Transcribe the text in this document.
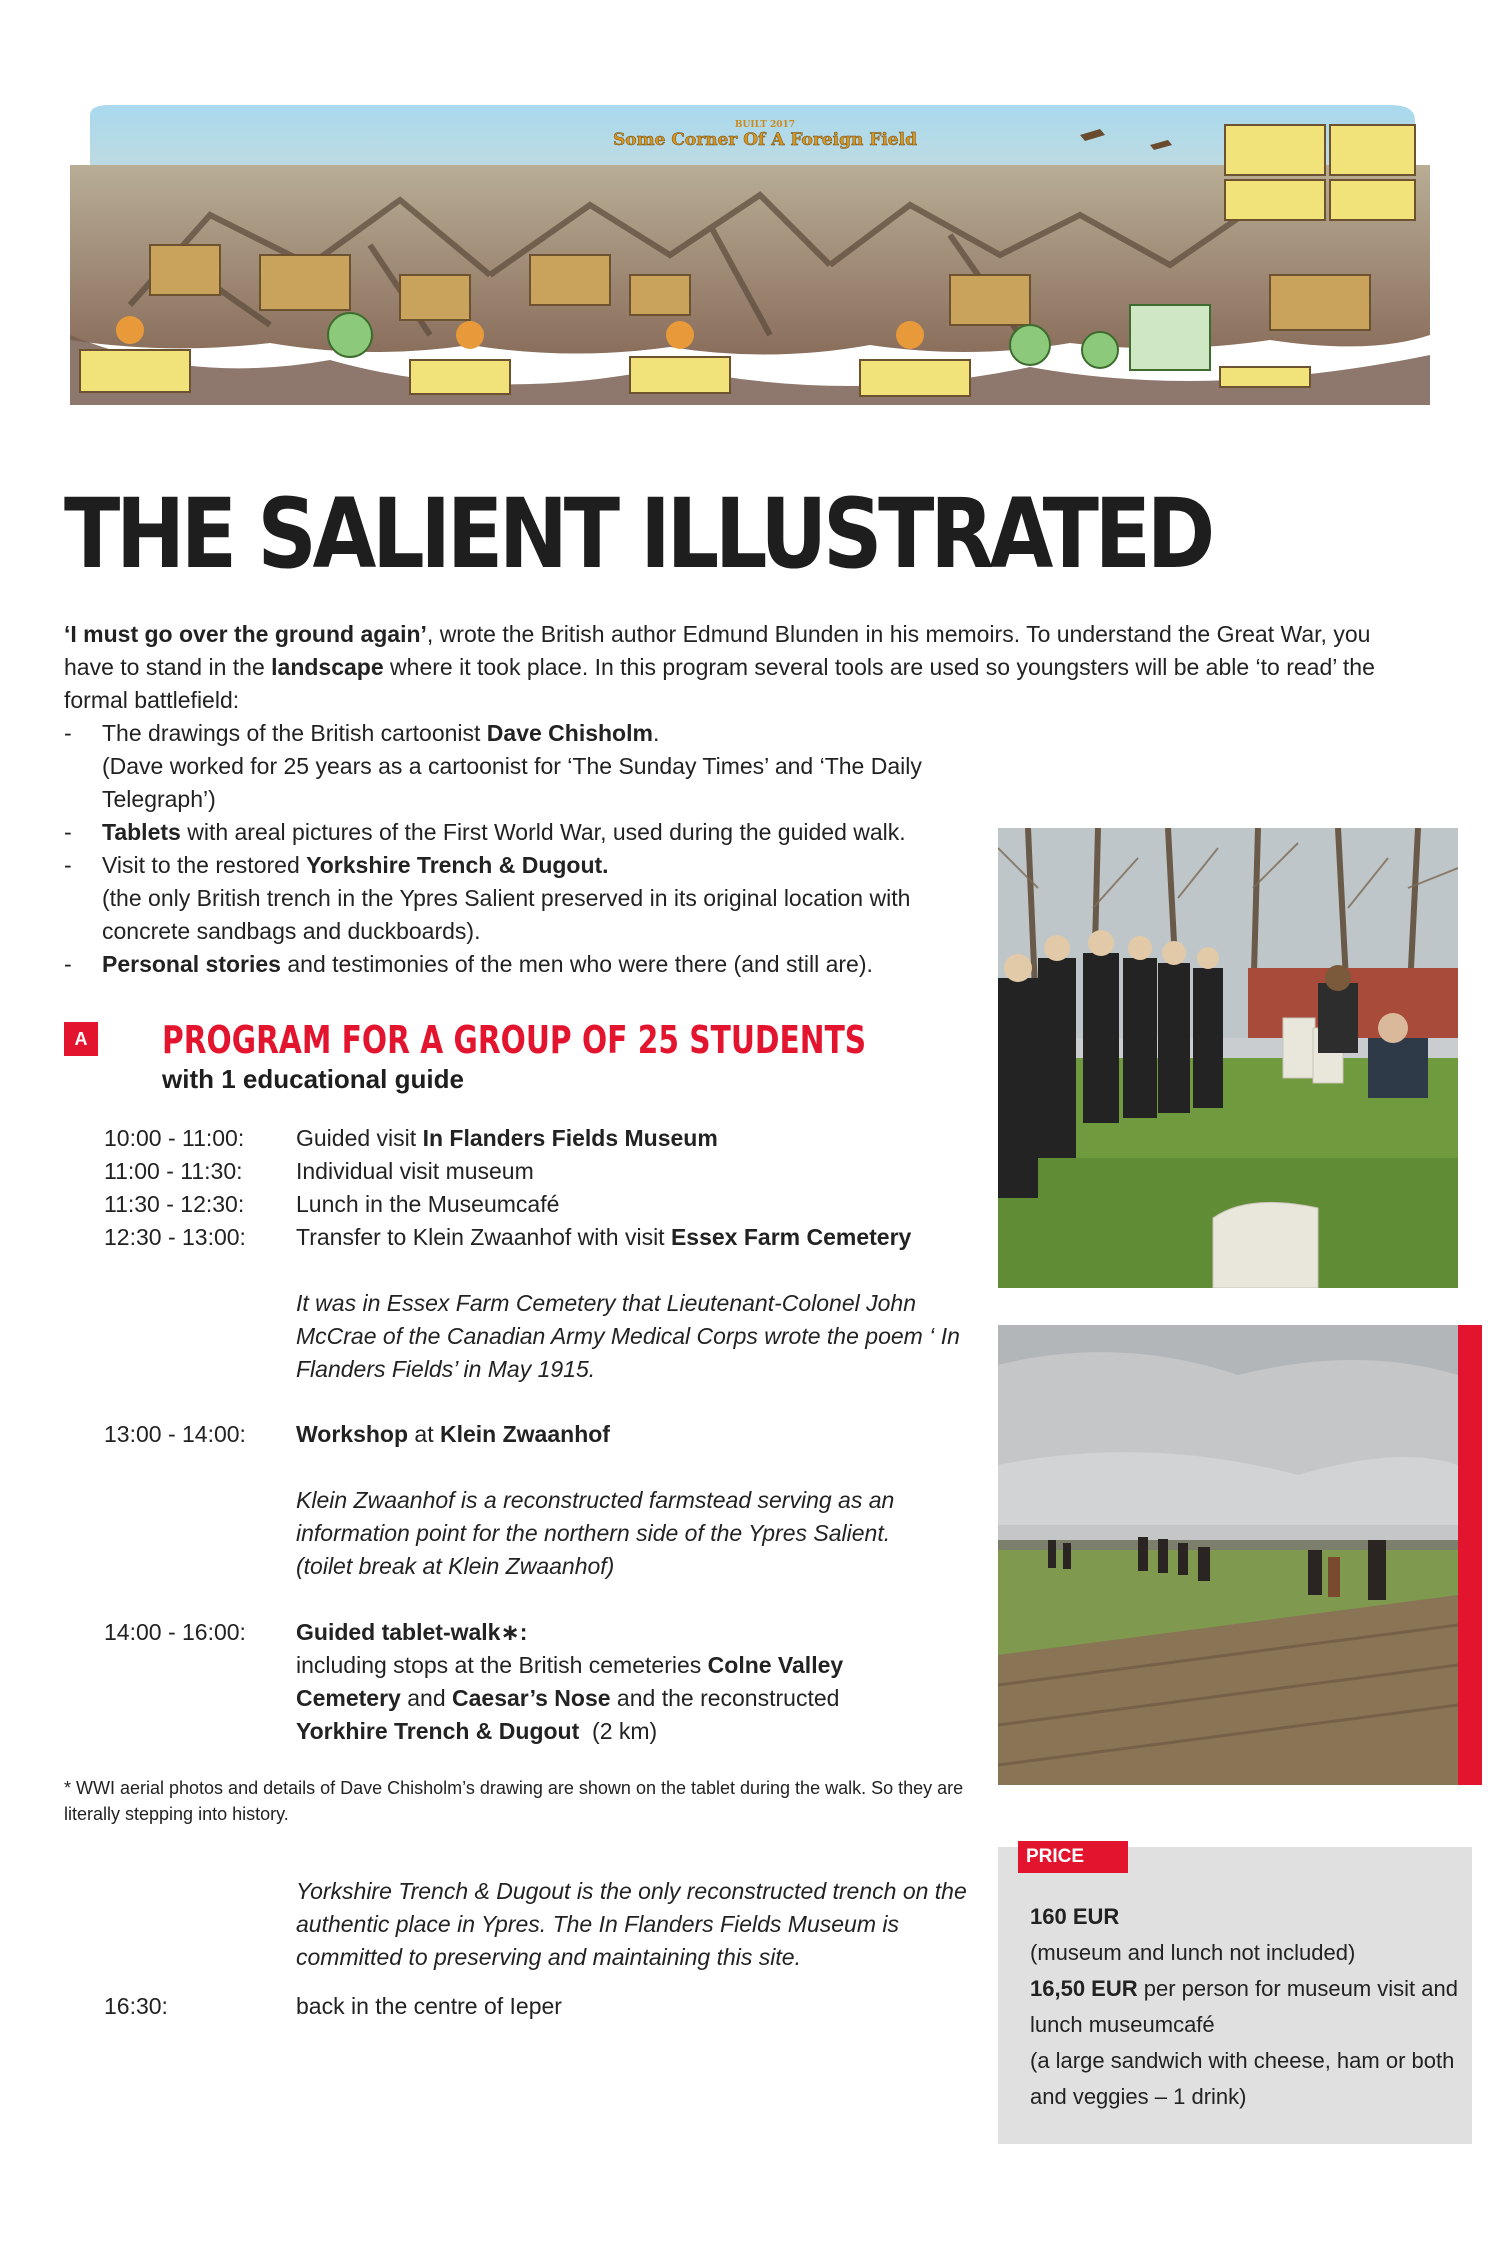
BUILT 2017
Some Corner Of A Foreign Field
THE SALIENT ILLUSTRATED

‘I must go over the ground again’, wrote the British author Edmund Blunden in his memoirs. To understand the Great War, you have to stand in the landscape where it took place. In this program several tools are used so youngsters will be able ‘to read’ the formal battlefield:

- The drawings of the British cartoonist Dave Chisholm.
(Dave worked for 25 years as a cartoonist for ‘The Sunday Times’ and ‘The Daily Telegraph’)
- Tablets with areal pictures of the First World War, used during the guided walk.
- Visit to the restored Yorkshire Trench & Dugout.
(the only British trench in the Ypres Salient preserved in its original location with concrete sandbags and duckboards).
- Personal stories and testimonies of the men who were there (and still are).
A PROGRAM FOR A GROUP OF 25 STUDENTS
with 1 educational guide
10:00 - 11:00:	Guided visit In Flanders Fields Museum
11:00 - 11:30:	Individual visit museum
11:30 - 12:30:	Lunch in the Museumcafé
12:30 - 13:00:	Transfer to Klein Zwaanhof with visit Essex Farm Cemetery
It was in Essex Farm Cemetery that Lieutenant-Colonel John McCrae of the Canadian Army Medical Corps wrote the poem ‘ In Flanders Fields’ in May 1915.
13:00 - 14:00:	Workshop at Klein Zwaanhof
Klein Zwaanhof is a reconstructed farmstead serving as an information point for the northern side of the Ypres Salient.
(toilet break at Klein Zwaanhof)
14:00 - 16:00:	Guided tablet-walk∗:
including stops at the British cemeteries Colne Valley Cemetery and Caesar’s Nose and the reconstructed Yorkhire Trench & Dugout  (2 km)
* WWI aerial photos and details of Dave Chisholm’s drawing are shown on the tablet during the walk. So they are literally stepping into history.
Yorkshire Trench & Dugout is the only reconstructed trench on the authentic place in Ypres. The In Flanders Fields Museum is committed to preserving and maintaining this site.
16:30:	back in the centre of Ieper
PRICE
160 EUR
(museum and lunch not included)
16,50 EUR per person for museum visit and lunch museumcafé
(a large sandwich with cheese, ham or both and veggies – 1 drink)
